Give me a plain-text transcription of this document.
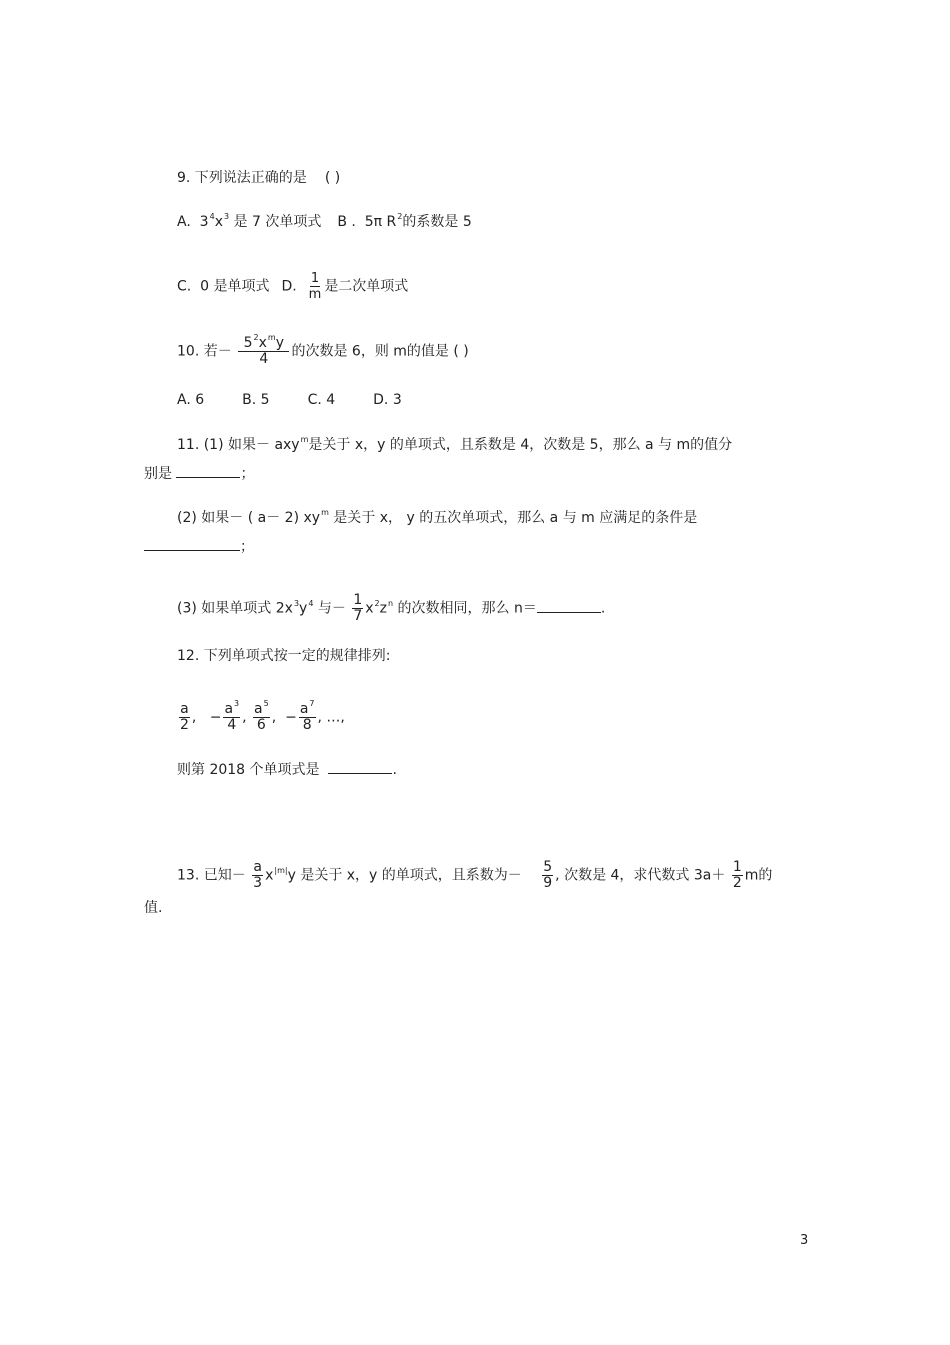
9. 下列说法正确的是 ( )
A.  $3^4x^3$ 是 7 次单项式 B .  5π $R^2$的系数是 5
C. 0 是单项式 D. $\frac{1}{m}$ 是二次单项式
10. 若－ $\frac{5^2x^my}{4}$ 的次数是 6，则 m的值是 ( )
A. 6	B. 5	C. 4	D. 3
11. (1) 如果－ axy$^m$是关于 x，y 的单项式，且系数是 4，次数是 5，那么 a 与 m的值分
别是	；
(2) 如果－ ( a－ 2) $xy^m$ 是关于 x， y 的五次单项式，那么 a 与 m 应满足的条件是
；
(3) 如果单项式 $2x^3y^4$ 与－ $\frac{1}{7} x^2z^n$ 的次数相同，那么 n＝	.
12. 下列单项式按一定的规律排列:
$\frac{a}{2}$ ,   − $\frac{a^3}{4}$ , $\frac{a^5}{6}$ ,  − $\frac{a^7}{8}$ , …,
则第 2018 个单项式是	.
13. 已知－ $\frac{a}{3} x^{|m|}y$ 是关于 x，y 的单项式，且系数为－ $\frac{5}{9}$ , 次数是 4，求代数式 $3a+ \frac{1}{2}$ m的
值.
3
